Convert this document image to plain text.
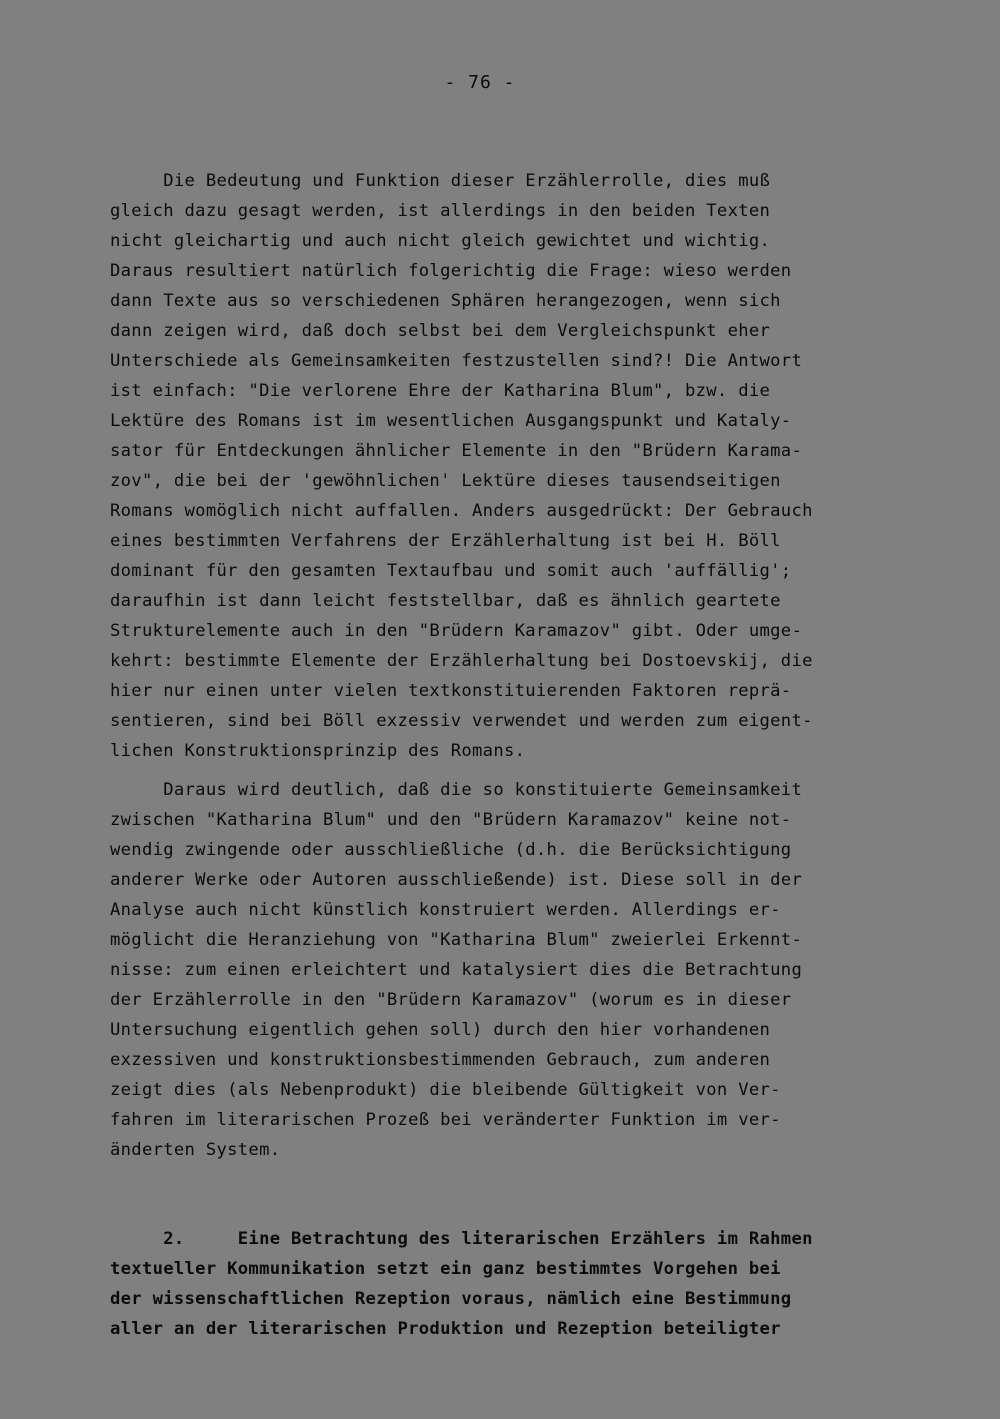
- 76 -
Die Bedeutung und Funktion dieser Erzählerrolle, dies muß
gleich dazu gesagt werden, ist allerdings in den beiden Texten
nicht gleichartig und auch nicht gleich gewichtet und wichtig.
Daraus resultiert natürlich folgerichtig die Frage: wieso werden
dann Texte aus so verschiedenen Sphären herangezogen, wenn sich
dann zeigen wird, daß doch selbst bei dem Vergleichspunkt eher
Unterschiede als Gemeinsamkeiten festzustellen sind?! Die Antwort
ist einfach: "Die verlorene Ehre der Katharina Blum", bzw. die
Lektüre des Romans ist im wesentlichen Ausgangspunkt und Kataly-
sator für Entdeckungen ähnlicher Elemente in den "Brüdern Karama-
zov", die bei der 'gewöhnlichen' Lektüre dieses tausendseitigen
Romans womöglich nicht auffallen. Anders ausgedrückt: Der Gebrauch
eines bestimmten Verfahrens der Erzählerhaltung ist bei H. Böll
dominant für den gesamten Textaufbau und somit auch 'auffällig';
daraufhin ist dann leicht feststellbar, daß es ähnlich geartete
Strukturelemente auch in den "Brüdern Karamazov" gibt. Oder umge-
kehrt: bestimmte Elemente der Erzählerhaltung bei Dostoevskij, die
hier nur einen unter vielen textkonstituierenden Faktoren reprä-
sentieren, sind bei Böll exzessiv verwendet und werden zum eigent-
lichen Konstruktionsprinzip des Romans.
Daraus wird deutlich, daß die so konstituierte Gemeinsamkeit
zwischen "Katharina Blum" und den "Brüdern Karamazov" keine not-
wendig zwingende oder ausschließliche (d.h. die Berücksichtigung
anderer Werke oder Autoren ausschließende) ist. Diese soll in der
Analyse auch nicht künstlich konstruiert werden. Allerdings er-
möglicht die Heranziehung von "Katharina Blum" zweierlei Erkennt-
nisse: zum einen erleichtert und katalysiert dies die Betrachtung
der Erzählerrolle in den "Brüdern Karamazov" (worum es in dieser
Untersuchung eigentlich gehen soll) durch den hier vorhandenen
exzessiven und konstruktionsbestimmenden Gebrauch, zum anderen
zeigt dies (als Nebenprodukt) die bleibende Gültigkeit von Ver-
fahren im literarischen Prozeß bei veränderter Funktion im ver-
änderten System.
2.     Eine Betrachtung des literarischen Erzählers im Rahmen
textueller Kommunikation setzt ein ganz bestimmtes Vorgehen bei
der wissenschaftlichen Rezeption voraus, nämlich eine Bestimmung
aller an der literarischen Produktion und Rezeption beteiligter
